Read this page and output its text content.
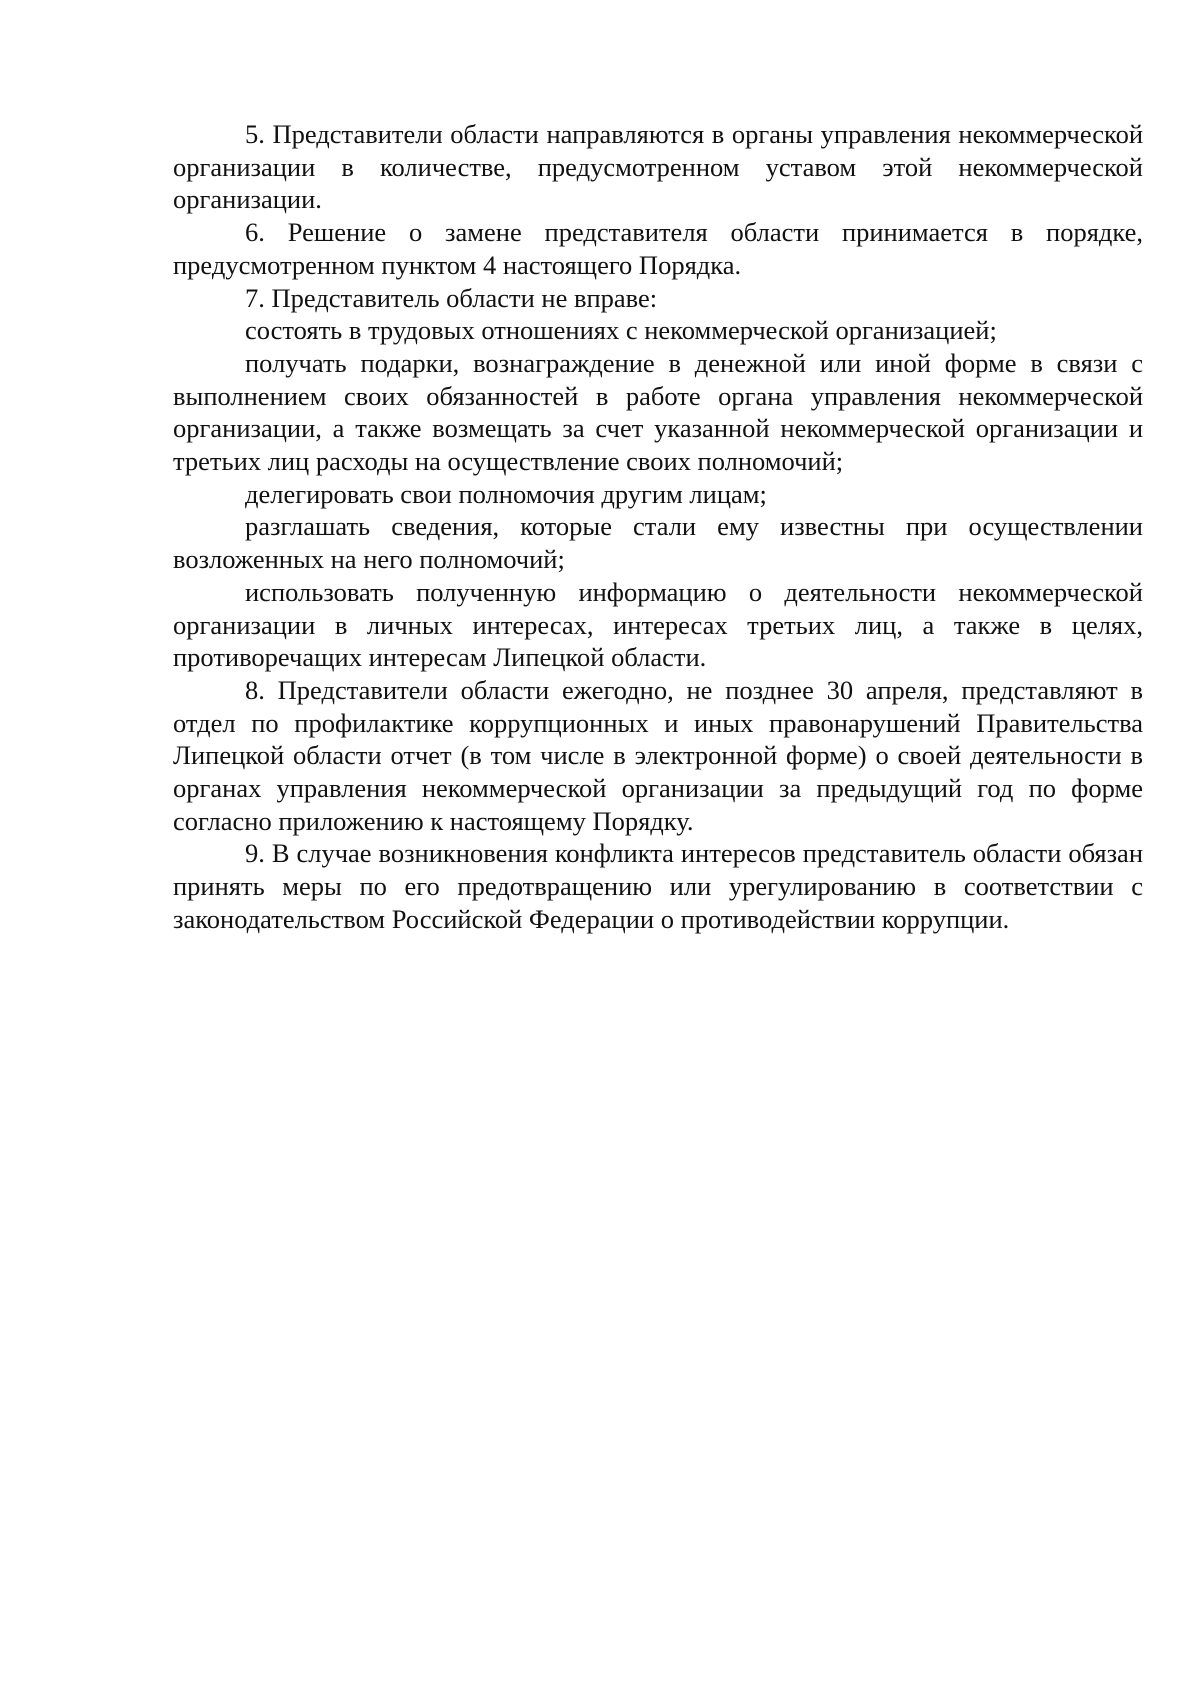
5. Представители области направляются в органы управления некоммерческой организации в количестве, предусмотренном уставом этой некоммерческой организации.

6. Решение о замене представителя области принимается в порядке, предусмотренном пунктом 4 настоящего Порядка.

7. Представитель области не вправе:

состоять в трудовых отношениях с некоммерческой организацией;

получать подарки, вознаграждение в денежной или иной форме в связи с выполнением своих обязанностей в работе органа управления некоммерческой организации, а также возмещать за счет указанной некоммерческой организации и третьих лиц расходы на осуществление своих полномочий;

делегировать свои полномочия другим лицам;

разглашать сведения, которые стали ему известны при осуществлении возложенных на него полномочий;

использовать полученную информацию о деятельности некоммерческой организации в личных интересах, интересах третьих лиц, а также в целях, противоречащих интересам Липецкой области.

8. Представители области ежегодно, не позднее 30 апреля, представляют в отдел по профилактике коррупционных и иных правонарушений Правительства Липецкой области отчет (в том числе в электронной форме) о своей деятельности в органах управления некоммерческой организации за предыдущий год по форме согласно приложению к настоящему Порядку.

9. В случае возникновения конфликта интересов представитель области обязан принять меры по его предотвращению или урегулированию в соответствии с законодательством Российской Федерации о противодействии коррупции.
